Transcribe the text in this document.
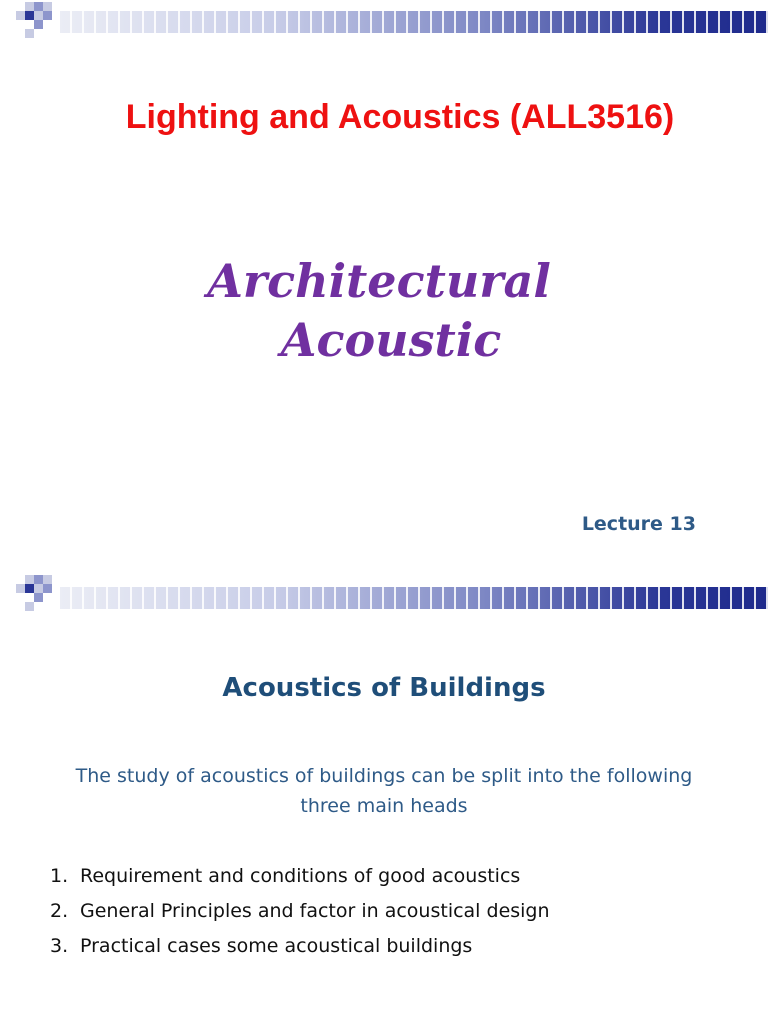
Lighting and Acoustics (ALL3516)
Architectural
Acoustic
Lecture 13
Acoustics of Buildings
The study of acoustics of buildings can be split into the following
three main heads
1. Requirement and conditions of good acoustics
2. General Principles and factor in acoustical design
3. Practical cases some acoustical buildings
